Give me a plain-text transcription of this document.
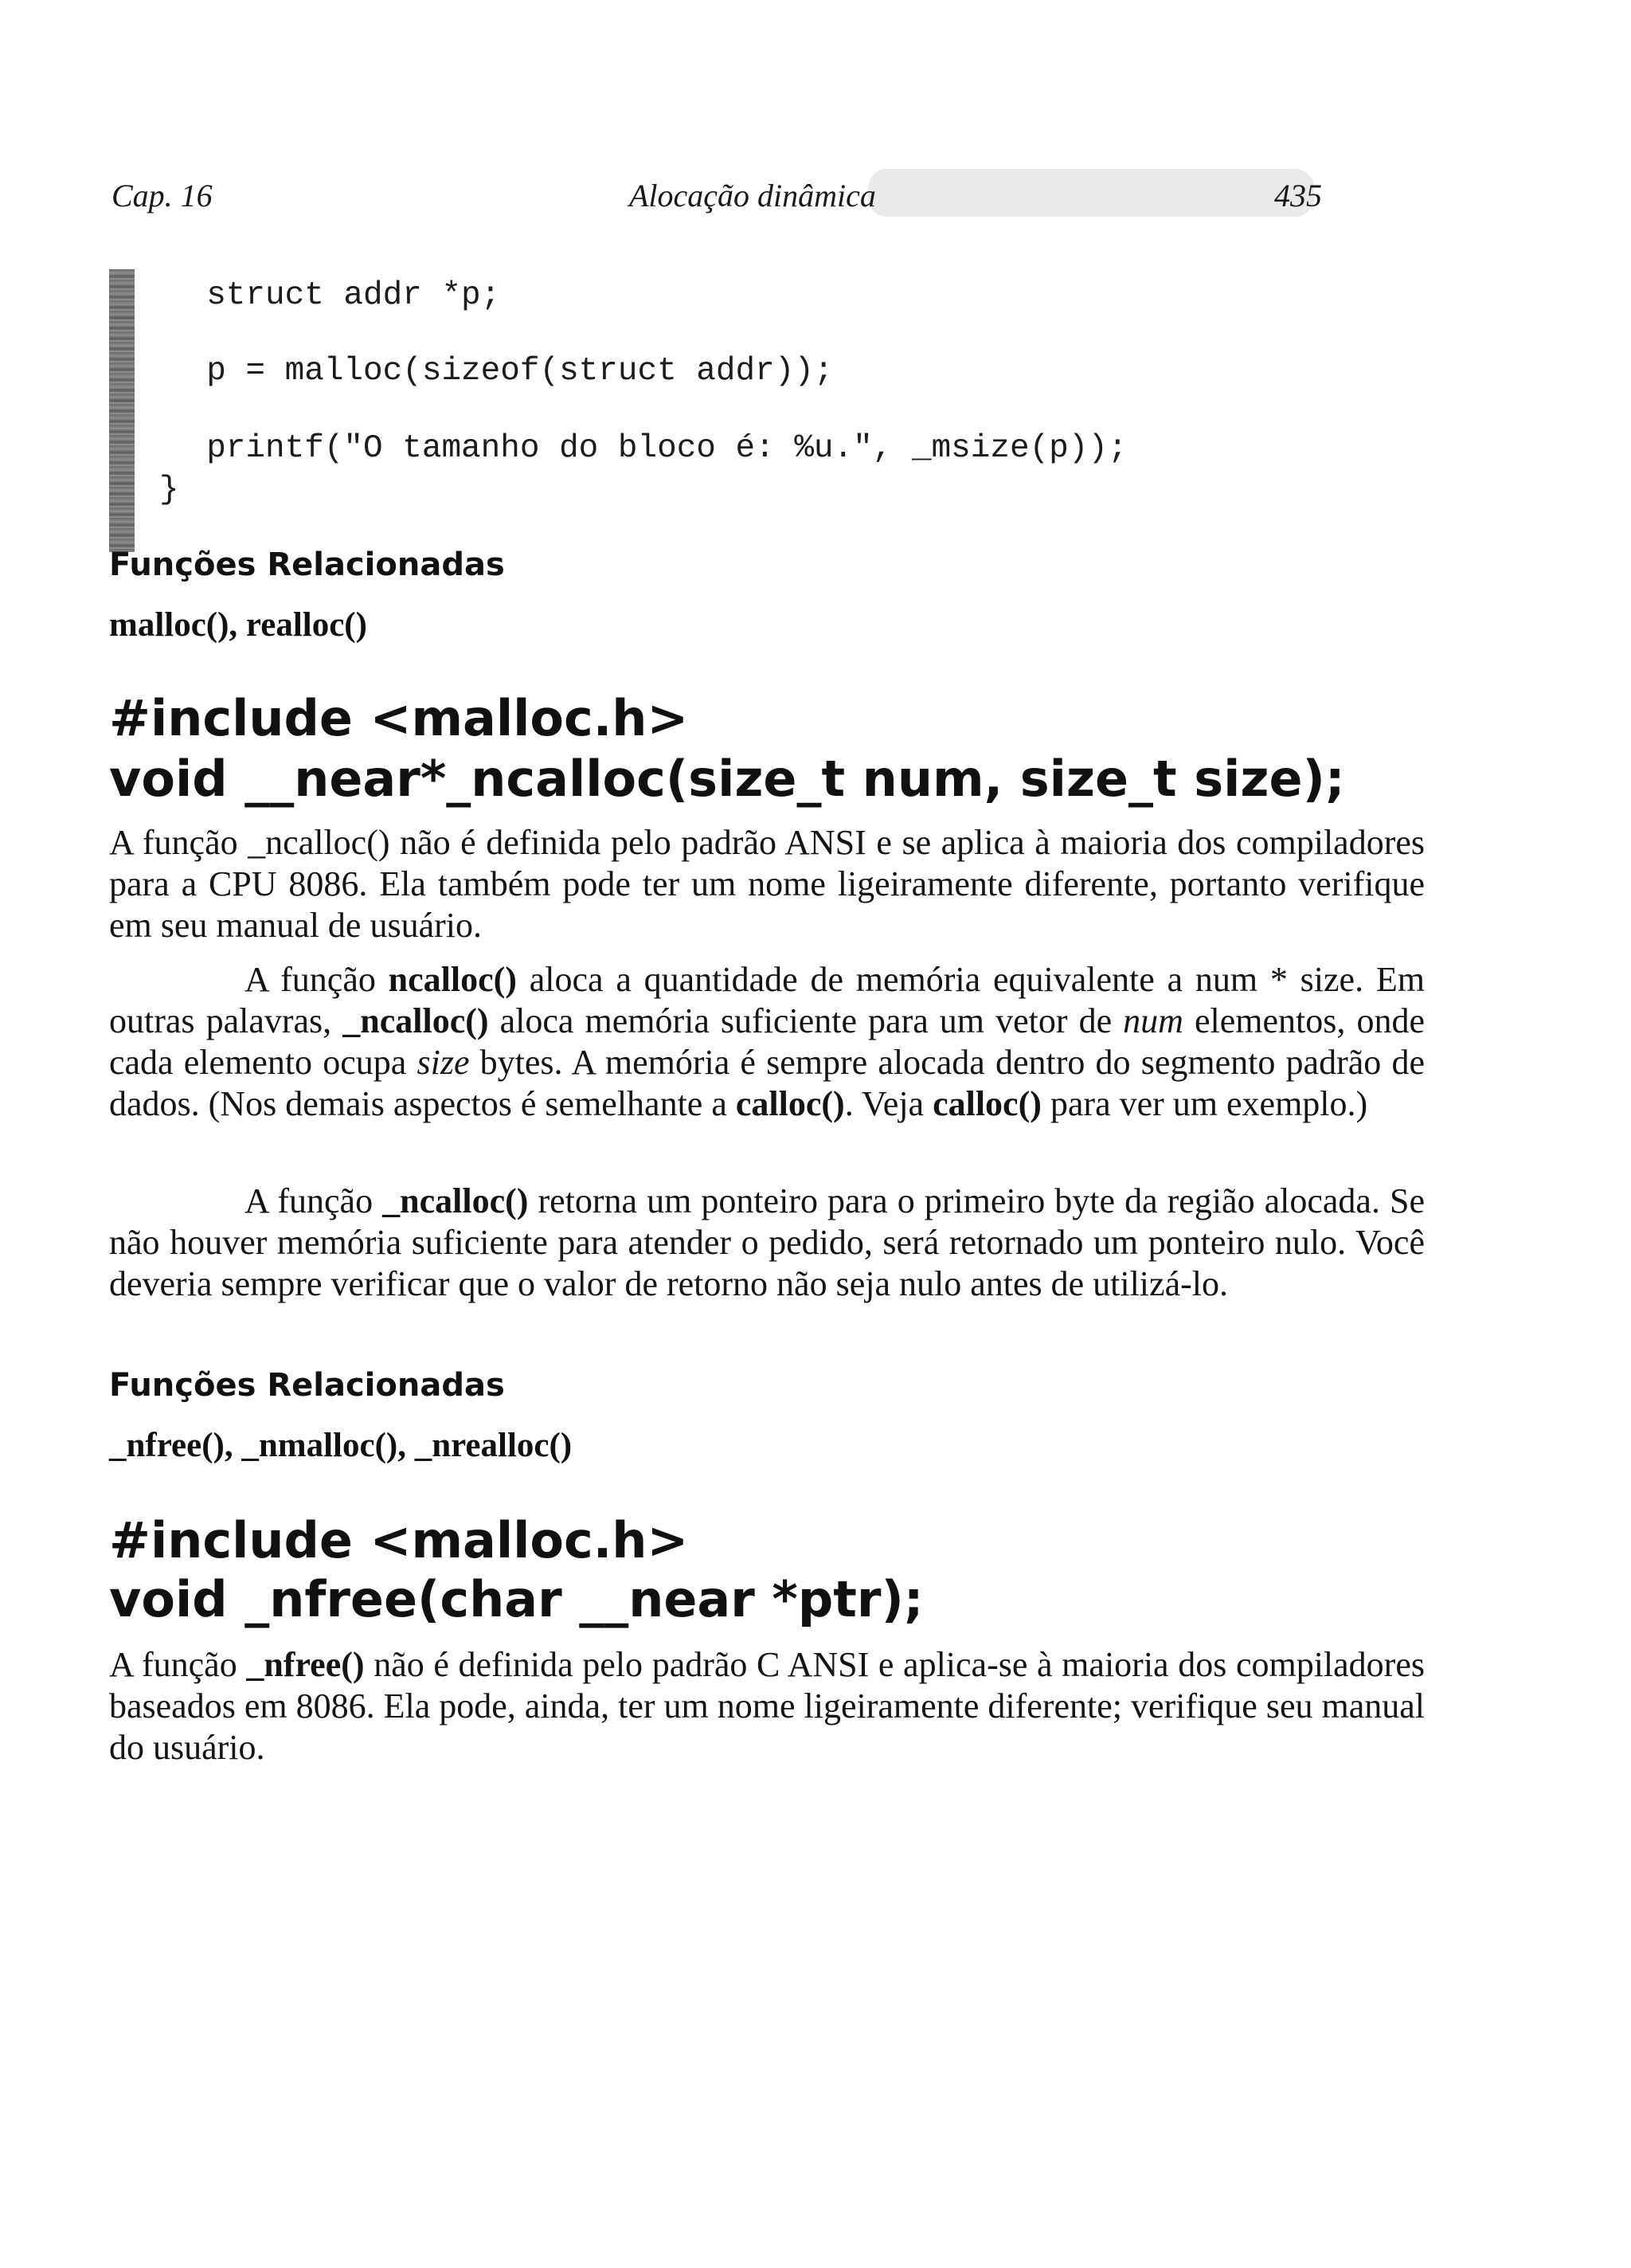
Cap. 16	Alocação dinâmica	435

struct addr *p;

p = malloc(sizeof(struct addr));

printf("O tamanho do bloco é: %u.", _msize(p));

}

Funções Relacionadas
malloc(), realloc()
#include <malloc.h>
void __near*_ncalloc(size_t num, size_t size);
A função _ncalloc() não é definida pelo padrão ANSI e se aplica à maioria dos compiladores para a CPU 8086. Ela também pode ter um nome ligeiramente diferente, portanto verifique em seu manual de usuário.
A função ncalloc() aloca a quantidade de memória equivalente a num * size. Em outras palavras, _ncalloc() aloca memória suficiente para um vetor de num elementos, onde cada elemento ocupa size bytes. A memória é sempre alocada dentro do segmento padrão de dados. (Nos demais aspectos é semelhante a calloc(). Veja calloc() para ver um exemplo.)
A função _ncalloc() retorna um ponteiro para o primeiro byte da região alocada. Se não houver memória suficiente para atender o pedido, será retornado um ponteiro nulo. Você deveria sempre verificar que o valor de retorno não seja nulo antes de utilizá-lo.
Funções Relacionadas
_nfree(), _nmalloc(), _nrealloc()
#include <malloc.h>
void _nfree(char __near *ptr);
A função _nfree() não é definida pelo padrão C ANSI e aplica-se à maioria dos compiladores baseados em 8086. Ela pode, ainda, ter um nome ligeiramente diferente; verifique seu manual do usuário.
